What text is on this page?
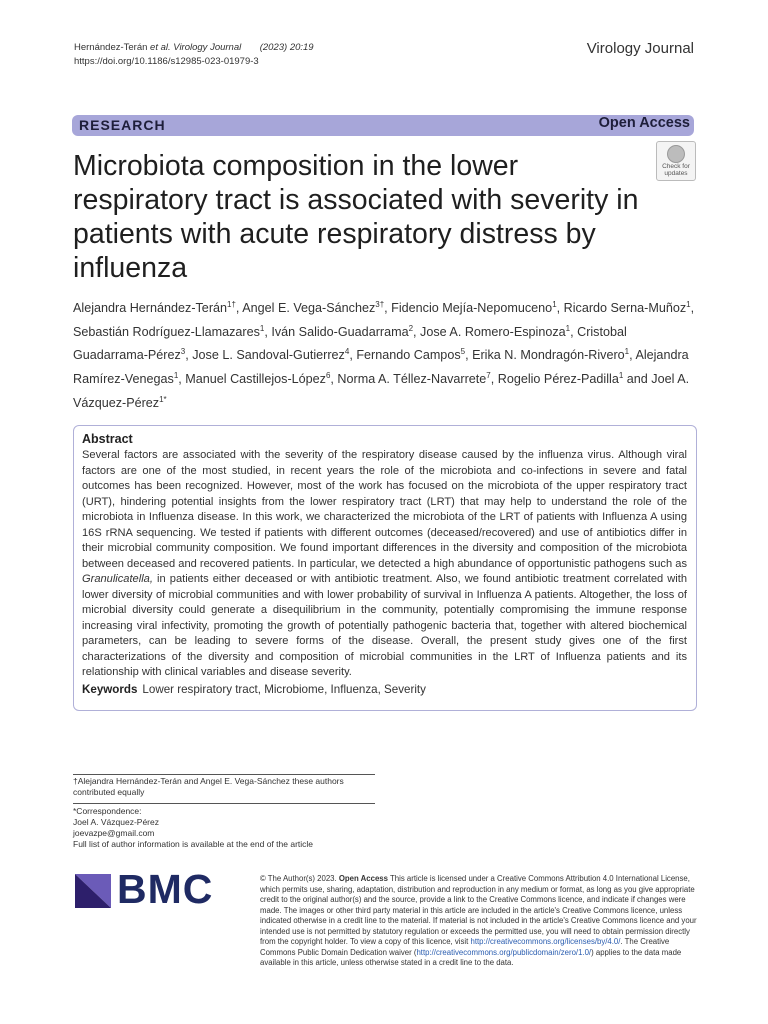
Hernández-Terán et al. Virology Journal (2023) 20:19
https://doi.org/10.1186/s12985-023-01979-3
Virology Journal
RESEARCH	Open Access
Microbiota composition in the lower respiratory tract is associated with severity in patients with acute respiratory distress by influenza
Check for
updates
Alejandra Hernández-Terán$^{1\dagger}$, Angel E. Vega-Sánchez$^{3\dagger}$, Fidencio Mejía-Nepomuceno$^1$, Ricardo Serna-Muñoz$^1$, Sebastián Rodríguez-Llamazares$^1$, Iván Salido-Guadarrama$^2$, Jose A. Romero-Espinoza$^1$, Cristobal Guadarrama-Pérez$^3$, Jose L. Sandoval-Gutierrez$^4$, Fernando Campos$^5$, Erika N. Mondragón-Rivero$^1$, Alejandra Ramírez-Venegas$^1$, Manuel Castillejos-López$^6$, Norma A. Téllez-Navarrete$^7$, Rogelio Pérez-Padilla$^1$ and Joel A. Vázquez-Pérez$^{1*}$
Abstract
Several factors are associated with the severity of the respiratory disease caused by the influenza virus. Although viral factors are one of the most studied, in recent years the role of the microbiota and co-infections in severe and fatal outcomes has been recognized. However, most of the work has focused on the microbiota of the upper respiratory tract (URT), hindering potential insights from the lower respiratory tract (LRT) that may help to understand the role of the microbiota in Influenza disease. In this work, we characterized the microbiota of the LRT of patients with Influenza A using 16S rRNA sequencing. We tested if patients with different outcomes (deceased/recovered) and use of antibiotics differ in their microbial community composition. We found important differences in the diversity and composition of the microbiota between deceased and recovered patients. In particular, we detected a high abundance of opportunistic pathogens such as Granulicatella, in patients either deceased or with antibiotic treatment. Also, we found antibiotic treatment correlated with lower diversity of microbial communities and with lower probability of survival in Influenza A patients. Altogether, the loss of microbial diversity could generate a disequilibrium in the community, potentially compromising the immune response increasing viral infectivity, promoting the growth of potentially pathogenic bacteria that, together with altered biochemical parameters, can be leading to severe forms of the disease. Overall, the present study gives one of the first characterizations of the diversity and composition of microbial communities in the LRT of Influenza patients and its relationship with clinical variables and disease severity.
Keywords Lower respiratory tract, Microbiome, Influenza, Severity
†Alejandra Hernández-Terán and Angel E. Vega-Sánchez these authors contributed equally
*Correspondence:
Joel A. Vázquez-Pérez
joevazpe@gmail.com
Full list of author information is available at the end of the article
BMC	© The Author(s) 2023. Open Access This article is licensed under a Creative Commons Attribution 4.0 International License, which permits use, sharing, adaptation, distribution and reproduction in any medium or format, as long as you give appropriate credit to the original author(s) and the source, provide a link to the Creative Commons licence, and indicate if changes were made. The images or other third party material in this article are included in the article's Creative Commons licence, unless indicated otherwise in a credit line to the material. If material is not included in the article's Creative Commons licence and your intended use is not permitted by statutory regulation or exceeds the permitted use, you will need to obtain permission directly from the copyright holder. To view a copy of this licence, visit http://creativecommons.org/licenses/by/4.0/. The Creative Commons Public Domain Dedication waiver (http://creativecommons.org/publicdomain/zero/1.0/) applies to the data made available in this article, unless otherwise stated in a credit line to the data.
